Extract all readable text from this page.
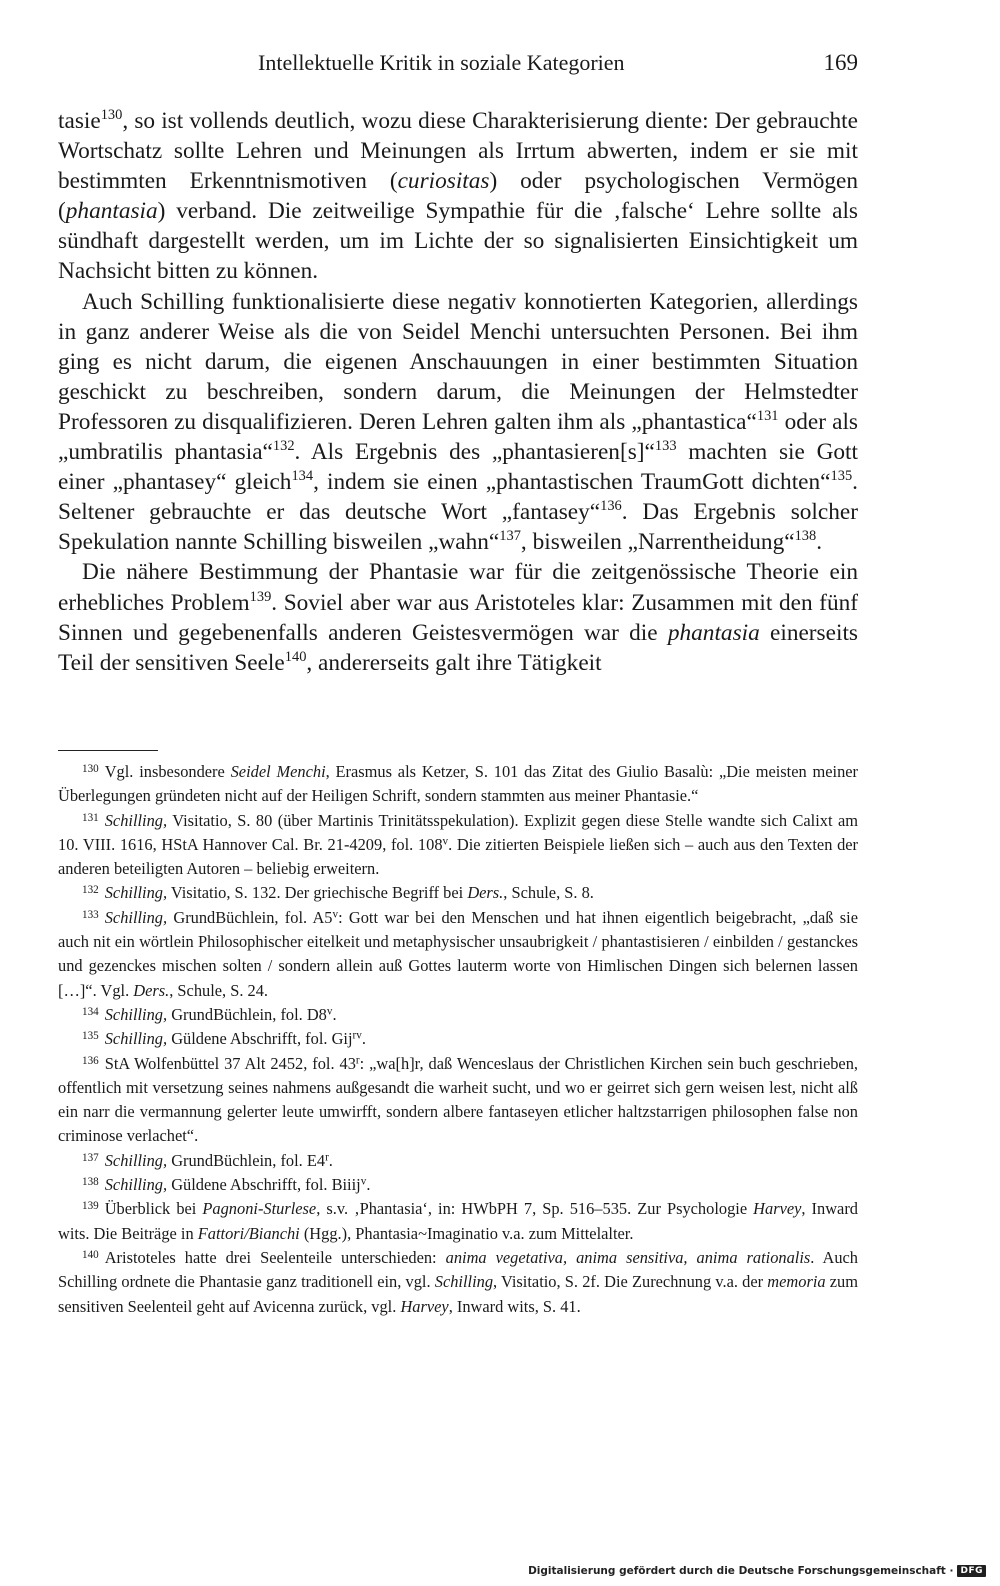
Intellektuelle Kritik in soziale Kategorien	169

tasie$^{130}$, so ist vollends deutlich, wozu diese Charakterisierung diente: Der gebrauchte Wortschatz sollte Lehren und Meinungen als Irrtum abwerten, indem er sie mit bestimmten Erkenntnismotiven (curiositas) oder psychologischen Vermögen (phantasia) verband. Die zeitweilige Sympathie für die ‚falsche‘ Lehre sollte als sündhaft dargestellt werden, um im Lichte der so signalisierten Einsichtigkeit um Nachsicht bitten zu können.

Auch Schilling funktionalisierte diese negativ konnotierten Kategorien, allerdings in ganz anderer Weise als die von Seidel Menchi untersuchten Personen. Bei ihm ging es nicht darum, die eigenen Anschauungen in einer bestimmten Situation geschickt zu beschreiben, sondern darum, die Meinungen der Helmstedter Professoren zu disqualifizieren. Deren Lehren galten ihm als „phantastica“$^{131}$ oder als „umbratilis phantasia“$^{132}$. Als Ergebnis des „phantasieren[s]“$^{133}$ machten sie Gott einer „phantasey“ gleich$^{134}$, indem sie einen „phantastischen TraumGott dichten“$^{135}$. Seltener gebrauchte er das deutsche Wort „fantasey“$^{136}$. Das Ergebnis solcher Spekulation nannte Schilling bisweilen „wahn“$^{137}$, bisweilen „Narrentheidung“$^{138}$.

Die nähere Bestimmung der Phantasie war für die zeitgenössische Theorie ein erhebliches Problem$^{139}$. Soviel aber war aus Aristoteles klar: Zusammen mit den fünf Sinnen und gegebenenfalls anderen Geistesvermögen war die phantasia einerseits Teil der sensitiven Seele$^{140}$, andererseits galt ihre Tätigkeit

$^{130}$ Vgl. insbesondere Seidel Menchi, Erasmus als Ketzer, S. 101 das Zitat des Giulio Basalù: „Die meisten meiner Überlegungen gründeten nicht auf der Heiligen Schrift, sondern stammten aus meiner Phantasie.“

$^{131}$ Schilling, Visitatio, S. 80 (über Martinis Trinitätsspekulation). Explizit gegen diese Stelle wandte sich Calixt am 10. VIII. 1616, HStA Hannover Cal. Br. 21-4209, fol. 108$^v$. Die zitierten Beispiele ließen sich – auch aus den Texten der anderen beteiligten Autoren – beliebig erweitern.

$^{132}$ Schilling, Visitatio, S. 132. Der griechische Begriff bei Ders., Schule, S. 8.

$^{133}$ Schilling, GrundBüchlein, fol. A5$^v$: Gott war bei den Menschen und hat ihnen eigentlich beigebracht, „daß sie auch nit ein wörtlein Philosophischer eitelkeit und metaphysischer unsaubrigkeit / phantastisieren / einbilden / gestanckes und gezenckes mischen solten / sondern allein auß Gottes lauterm worte von Himlischen Dingen sich belernen lassen […]“. Vgl. Ders., Schule, S. 24.

$^{134}$ Schilling, GrundBüchlein, fol. D8$^v$.

$^{135}$ Schilling, Güldene Abschrifft, fol. Gij$^{rv}$.

$^{136}$ StA Wolfenbüttel 37 Alt 2452, fol. 43$^r$: „wa[h]r, daß Wenceslaus der Christlichen Kirchen sein buch geschrieben, offentlich mit versetzung seines nahmens außgesandt die warheit sucht, und wo er geirret sich gern weisen lest, nicht alß ein narr die vermannung gelerter leute umwirfft, sondern albere fantaseyen etlicher haltzstarrigen philosophen false non criminose verlachet“.

$^{137}$ Schilling, GrundBüchlein, fol. E4$^r$.

$^{138}$ Schilling, Güldene Abschrifft, fol. Biiij$^v$.

$^{139}$ Überblick bei Pagnoni-Sturlese, s.v. ‚Phantasia‘, in: HWbPH 7, Sp. 516–535. Zur Psychologie Harvey, Inward wits. Die Beiträge in Fattori/Bianchi (Hgg.), Phantasia~Imaginatio v.a. zum Mittelalter.

$^{140}$ Aristoteles hatte drei Seelenteile unterschieden: anima vegetativa, anima sensitiva, anima rationalis. Auch Schilling ordnete die Phantasie ganz traditionell ein, vgl. Schilling, Visitatio, S. 2f. Die Zurechnung v.a. der memoria zum sensitiven Seelenteil geht auf Avicenna zurück, vgl. Harvey, Inward wits, S. 41.

Digitalisierung gefördert durch die Deutsche Forschungsgemeinschaft · DFG
